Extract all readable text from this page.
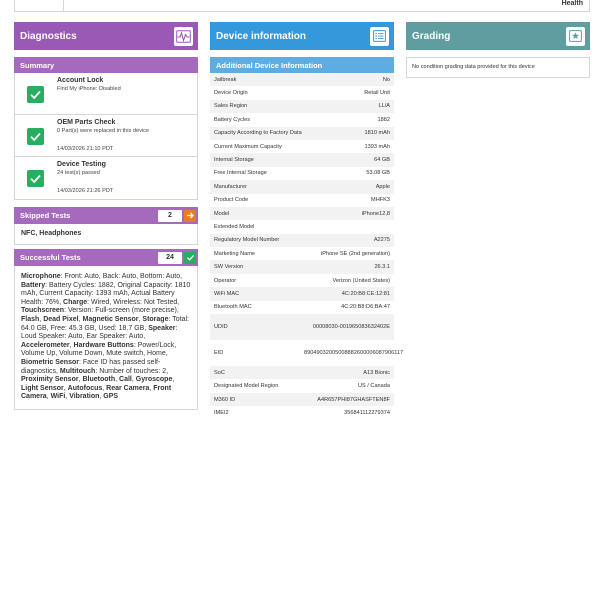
Health
Diagnostics
Summary
Account Lock
Find My iPhone: Disabled
OEM Parts Check
0 Part(s) were replaced in this device
14/03/2026 21:10 PDT
Device Testing
24 test(s) passed
14/03/2026 21:26 PDT
Skipped Tests	2
NFC, Headphones
Successful Tests	24
Microphone: Front: Auto, Back: Auto, Bottom: Auto, Battery: Battery Cycles: 1882, Original Capacity: 1810 mAh, Current Capacity: 1393 mAh, Actual Battery Health: 76%, Charge: Wired, Wireless: Not Tested, Touchscreen: Version: Full-screen (more precise), Flash, Dead Pixel, Magnetic Sensor, Storage: Total: 64.0 GB, Free: 45.3 GB, Used: 18.7 GB, Speaker: Loud Speaker: Auto, Ear Speaker: Auto, Accelerometer, Hardware Buttons: Power/Lock, Volume Up, Volume Down, Mute switch, Home, Biometric Sensor: Face ID has passed self-diagnostics, Multitouch: Number of touches: 2, Proximity Sensor, Bluetooth, Call, Gyroscope, Light Sensor, Autofocus, Rear Camera, Front Camera, WiFi, Vibration, GPS
Device information
Additional Device Information
Jailbreak	No
Device Origin	Retail Unit
Sales Region	LL/A
Battery Cycles	1882
Capacity According to Factory Data	1810 mAh
Current Maximum Capacity	1393 mAh
Internal Storage	64 GB
Free Internal Storage	53.08 GB
Manufacturer	Apple
Product Code	MHFK3
Model	iPhone12,8
Extended Model
Regulatory Model Number	A2275
Marketing Name	iPhone SE (2nd generation)
SW Version	26.3.1
Operator	Verizon (United States)
WiFi MAC	4C:20:B8:CE:12:81
Bluetooth MAC	4C:20:B8:D6:BA:47
UDID	00008030-001965083632402E
EID	89049032005008882600006087906117
SoC	A13 Bionic
Designated Model Region	US / Canada
M360 ID	A4R657PHI87GHASFTEN8F
IMEI2	356841112279374
Grading
No condition grading data provided for this device
